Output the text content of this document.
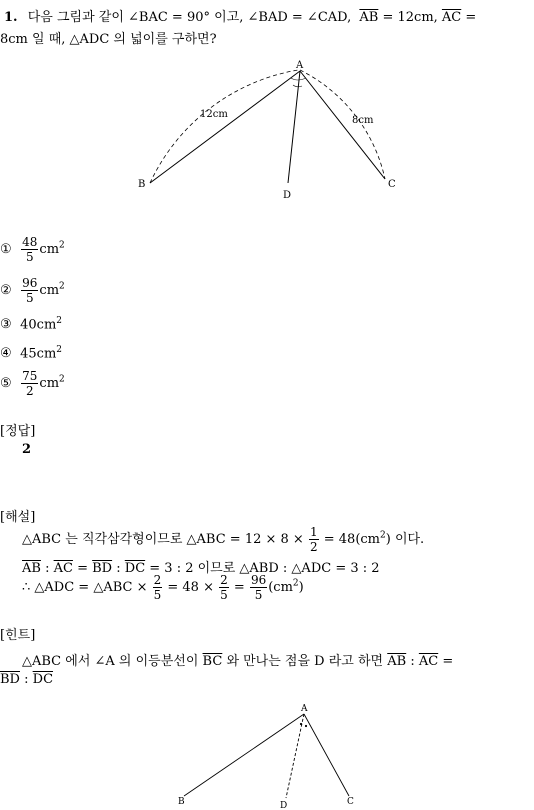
1. 다음 그림과 같이 ∠BAC = 90° 이고, ∠BAD = ∠CAD, $\overline{AB} = 12cm$, $\overline{AC}$ =
8cm 일 때, △ADC 의 넓이를 구하면?
A
B	C
D
12cm
8cm
① $\frac{48}{5} cm^2$
② $\frac{96}{5} cm^2$
③ $40cm^2$
④ $45cm^2$
⑤ $\frac{75}{2} cm^2$
[정답]
2
[해설]
△ABC 는 직각삼각형이므로 △ABC = $12 \times 8 \times \frac{1}{2} = 48(cm^2)$ 이다.
$\overline{AB}$ : $\overline{AC} = \overline{BD}$ : $\overline{DC} = 3$ : 2 이므로 △ABD : △ADC = 3 : 2
∴ △ADC = △ABC × $\frac{2}{5} = 48 \times \frac{2}{5} = \frac{96}{5} (cm^2)$
[힌트]
△ABC 에서 ∠A 의 이등분선이 $\overline{BC}$ 와 만나는 점을 D 라고 하면 $\overline{AB}$ : $\overline{AC}$ =
$\overline{BD}$ : $\overline{DC}$
A
B	C
D
